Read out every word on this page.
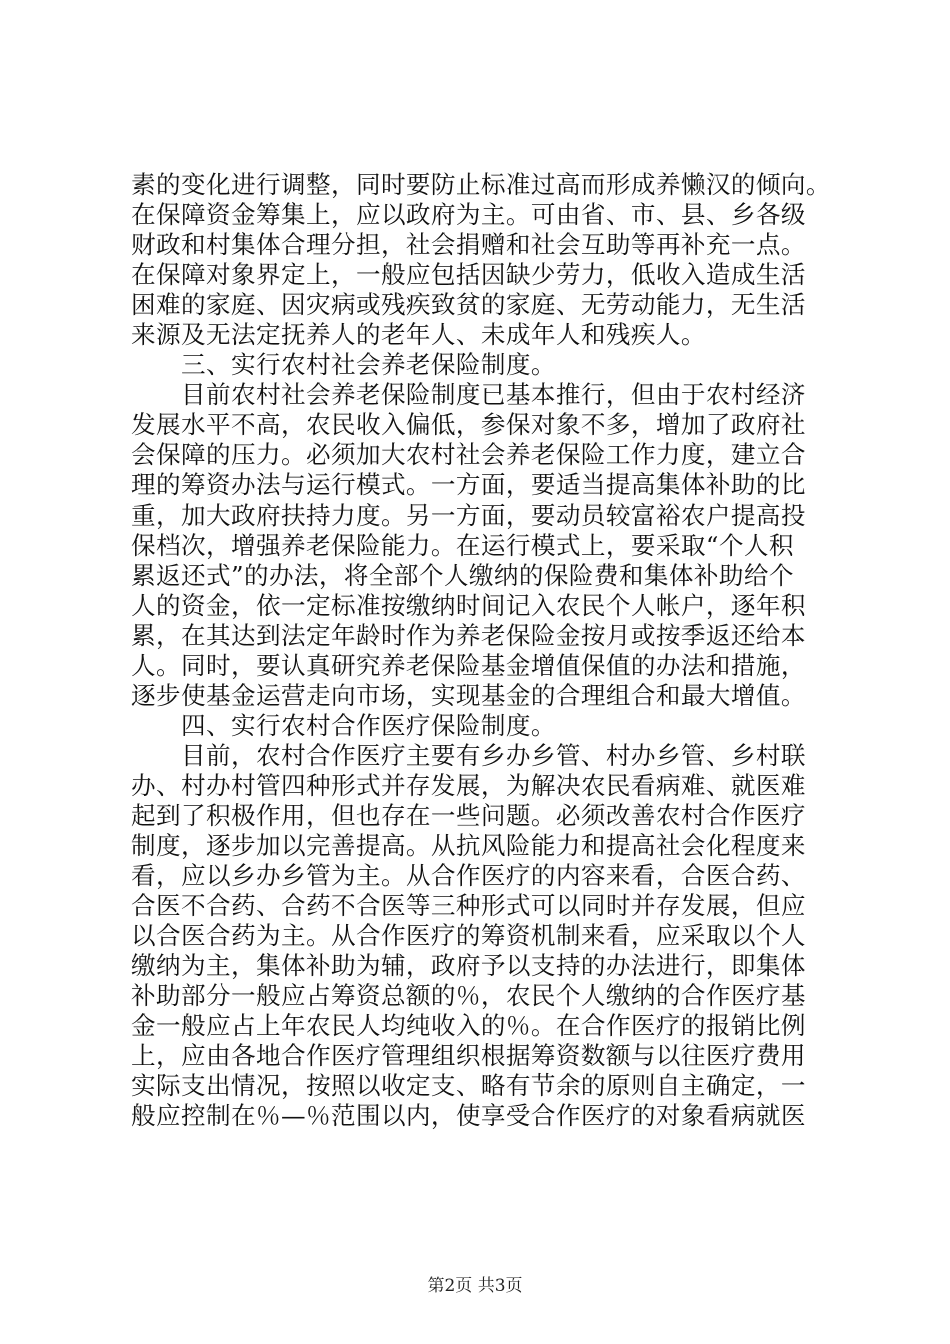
素的变化进行调整，同时要防止标准过高而形成养懒汉的倾向。
在保障资金筹集上，应以政府为主。可由省、市、县、乡各级
财政和村集体合理分担，社会捐赠和社会互助等再补充一点。
在保障对象界定上，一般应包括因缺少劳力，低收入造成生活
困难的家庭、因灾病或残疾致贫的家庭、无劳动能力，无生活
来源及无法定抚养人的老年人、未成年人和残疾人。
　　三、实行农村社会养老保险制度。
　　目前农村社会养老保险制度已基本推行，但由于农村经济
发展水平不高，农民收入偏低，参保对象不多，增加了政府社
会保障的压力。必须加大农村社会养老保险工作力度，建立合
理的筹资办法与运行模式。一方面，要适当提高集体补助的比
重，加大政府扶持力度。另一方面，要动员较富裕农户提高投
保档次，增强养老保险能力。在运行模式上，要采取“个人积
累返还式”的办法，将全部个人缴纳的保险费和集体补助给个
人的资金，依一定标准按缴纳时间记入农民个人帐户，逐年积
累，在其达到法定年龄时作为养老保险金按月或按季返还给本
人。同时，要认真研究养老保险基金增值保值的办法和措施，
逐步使基金运营走向市场，实现基金的合理组合和最大增值。
　　四、实行农村合作医疗保险制度。
　　目前，农村合作医疗主要有乡办乡管、村办乡管、乡村联
办、村办村管四种形式并存发展，为解决农民看病难、就医难
起到了积极作用，但也存在一些问题。必须改善农村合作医疗
制度，逐步加以完善提高。从抗风险能力和提高社会化程度来
看，应以乡办乡管为主。从合作医疗的内容来看，合医合药、
合医不合药、合药不合医等三种形式可以同时并存发展，但应
以合医合药为主。从合作医疗的筹资机制来看，应采取以个人
缴纳为主，集体补助为辅，政府予以支持的办法进行，即集体
补助部分一般应占筹资总额的％，农民个人缴纳的合作医疗基
金一般应占上年农民人均纯收入的％。在合作医疗的报销比例
上，应由各地合作医疗管理组织根据筹资数额与以往医疗费用
实际支出情况，按照以收定支、略有节余的原则自主确定，一
般应控制在％—％范围以内，使享受合作医疗的对象看病就医
第2页 共3页
